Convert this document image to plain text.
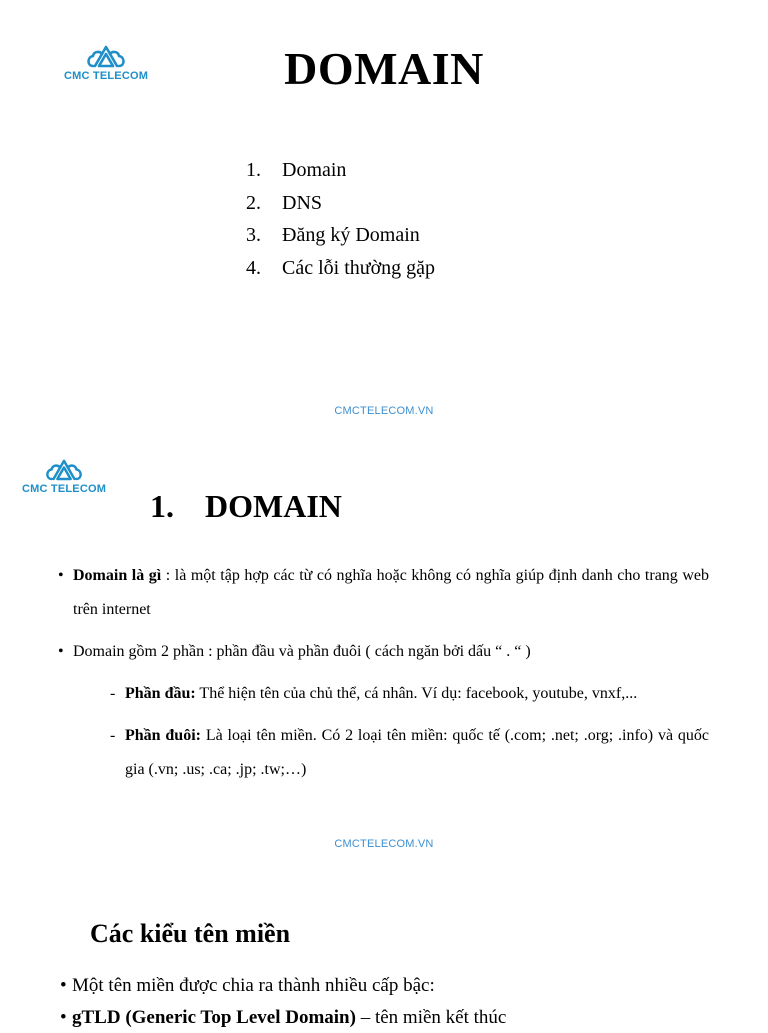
CMC TELECOM	DOMAIN
1. Domain
2. DNS
3. Đăng ký Domain
4. Các lỗi thường gặp
CMCTELECOM.VN
CMC TELECOM 1. DOMAIN
• Domain là gì : là một tập hợp các từ có nghĩa hoặc không có nghĩa giúp định danh cho trang web trên internet
• Domain gồm 2 phần : phần đầu và phần đuôi ( cách ngăn bởi dấu “ . “ )
- Phần đầu: Thể hiện tên của chủ thể, cá nhân. Ví dụ: facebook, youtube, vnxf,...
- Phần đuôi: Là loại tên miền. Có 2 loại tên miền: quốc tế (.com; .net; .org; .info) và quốc gia (.vn; .us; .ca; .jp; .tw;…)
CMCTELECOM.VN
Các kiểu tên miền
• Một tên miền được chia ra thành nhiều cấp bậc:
• gTLD (Generic Top Level Domain) – tên miền kết thúc
